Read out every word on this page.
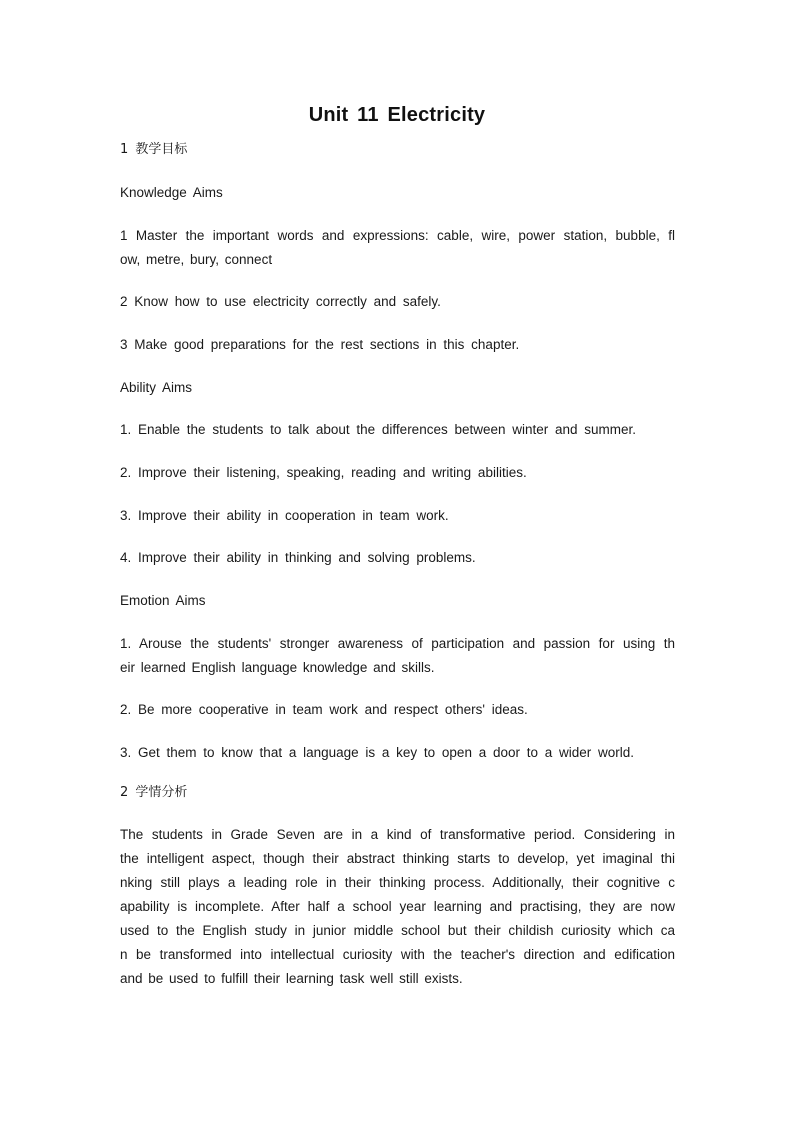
Unit 11 Electricity
1 教学目标
Knowledge Aims
1 Master the important words and expressions: cable, wire, power station, bubble, fl
ow, metre, bury, connect
2 Know how to use electricity correctly and safely.
3 Make good preparations for the rest sections in this chapter.
Ability Aims
1. Enable the students to talk about the differences between winter and summer.
2. Improve their listening, speaking, reading and writing abilities.
3. Improve their ability in cooperation in team work.
4. Improve their ability in thinking and solving problems.
Emotion Aims
1. Arouse the students' stronger awareness of participation and passion for using th
eir learned English language knowledge and skills.
2. Be more cooperative in team work and respect others' ideas.
3. Get them to know that a language is a key to open a door to a wider world.
2 学情分析
The students in Grade Seven are in a kind of transformative period. Considering in
the intelligent aspect, though their abstract thinking starts to develop, yet imaginal thi
nking still plays a leading role in their thinking process. Additionally, their cognitive c
apability is incomplete. After half a school year learning and practising, they are now
used to the English study in junior middle school but their childish curiosity which ca
n be transformed into intellectual curiosity with the teacher's direction and edification
and be used to fulfill their learning task well still exists.
